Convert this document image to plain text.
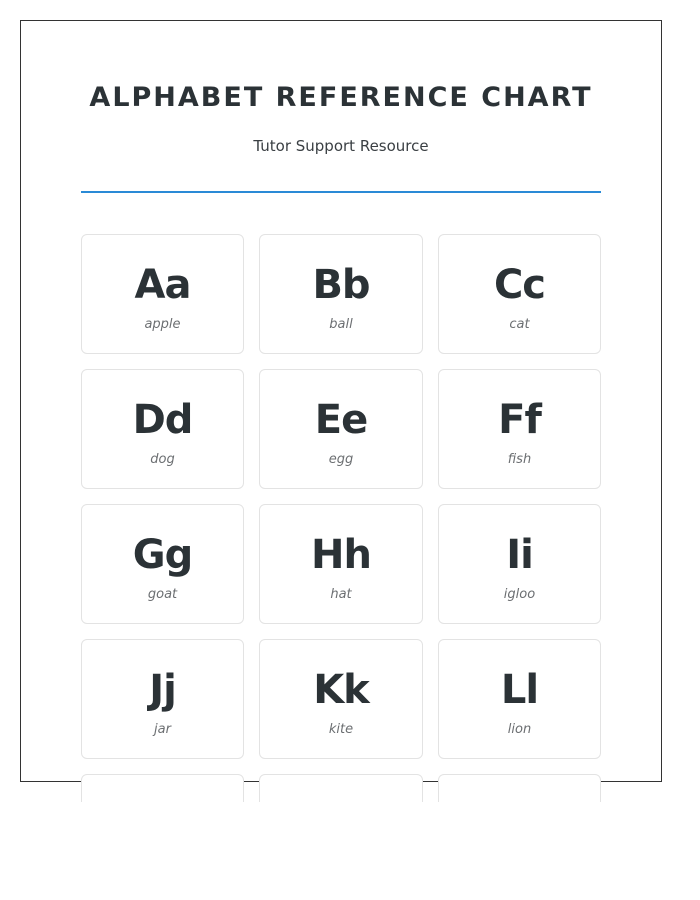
ALPHABET REFERENCE CHART
Tutor Support Resource
Aa
apple
Bb
ball
Cc
cat
Dd
dog
Ee
egg
Ff
fish
Gg
goat
Hh
hat
Ii
igloo
Jj
jar
Kk
kite
Ll
lion
